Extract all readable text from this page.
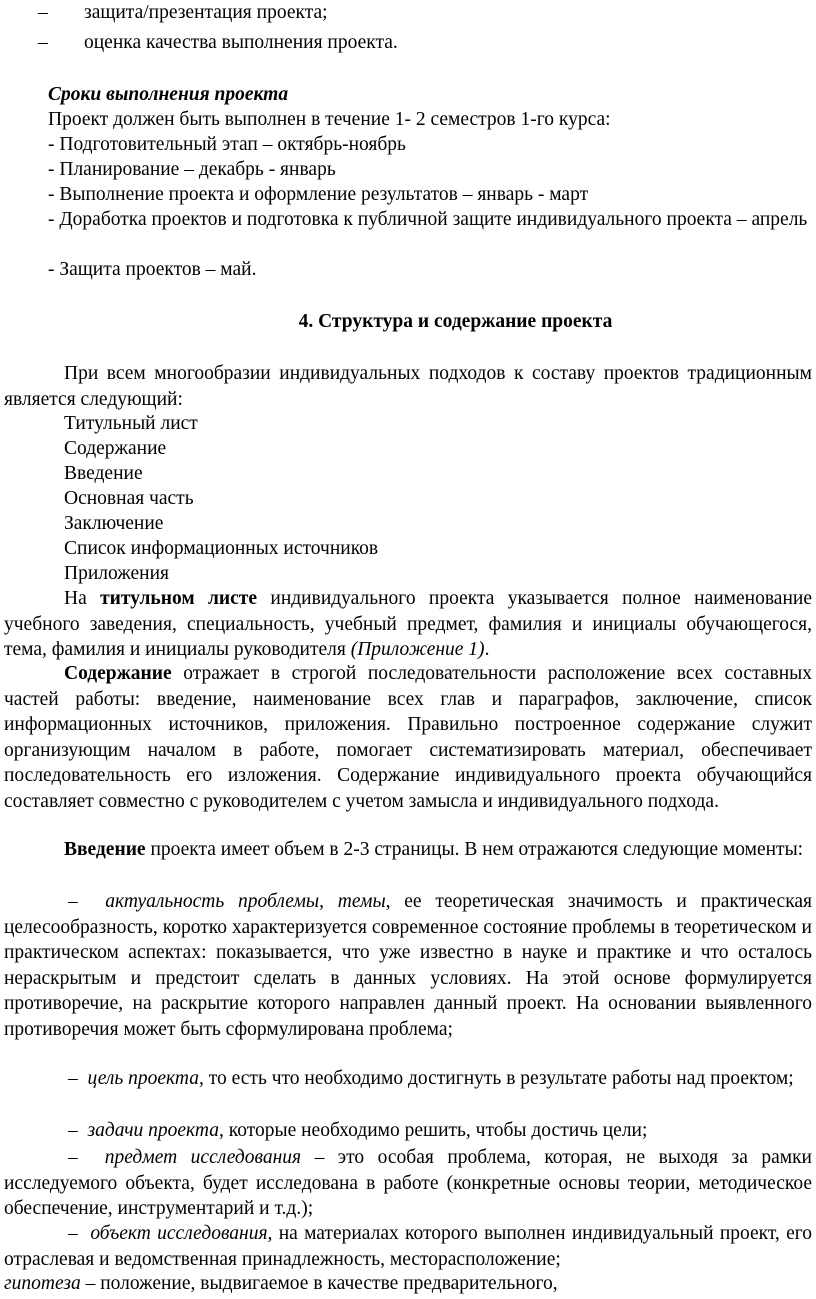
– защита/презентация проекта;

– оценка качества выполнения проекта.

Сроки выполнения проекта

Проект должен быть выполнен в течение 1- 2 семестров 1-го курса:

- Подготовительный этап – октябрь-ноябрь

- Планирование – декабрь - январь

- Выполнение проекта и оформление результатов – январь - март

- Доработка проектов и подготовка к публичной защите индивидуального проекта – апрель

- Защита проектов – май.

4. Структура и содержание проекта

При всем многообразии индивидуальных подходов к составу проектов традиционным является следующий:

Титульный лист

Содержание

Введение

Основная часть

Заключение

Список информационных источников

Приложения

На титульном листе индивидуального проекта указывается полное наименование учебного заведения, специальность, учебный предмет, фамилия и инициалы обучающегося, тема, фамилия и инициалы руководителя (Приложение 1).

Содержание отражает в строгой последовательности расположение всех составных частей работы: введение, наименование всех глав и параграфов, заключение, список информационных источников, приложения. Правильно построенное содержание служит организующим началом в работе, помогает систематизировать материал, обеспечивает последовательность его изложения. Содержание индивидуального проекта обучающийся составляет совместно с руководителем с учетом замысла и индивидуального подхода.

Введение проекта имеет объем в 2-3 страницы. В нем отражаются следующие моменты:

– актуальность проблемы, темы, ее теоретическая значимость и практическая целесообразность, коротко характеризуется современное состояние проблемы в теоретическом и практическом аспектах: показывается, что уже известно в науке и практике и что осталось нераскрытым и предстоит сделать в данных условиях. На этой основе формулируется противоречие, на раскрытие которого направлен данный проект. На основании выявленного противоречия может быть сформулирована проблема;

– цель проекта, то есть что необходимо достигнуть в результате работы над проектом;

– задачи проекта, которые необходимо решить, чтобы достичь цели;

– предмет исследования – это особая проблема, которая, не выходя за рамки исследуемого объекта, будет исследована в работе (конкретные основы теории, методическое обеспечение, инструментарий и т.д.);

– объект исследования, на материалах которого выполнен индивидуальный проект, его отраслевая и ведомственная принадлежность, месторасположение;

гипотеза – положение, выдвигаемое в качестве предварительного,
